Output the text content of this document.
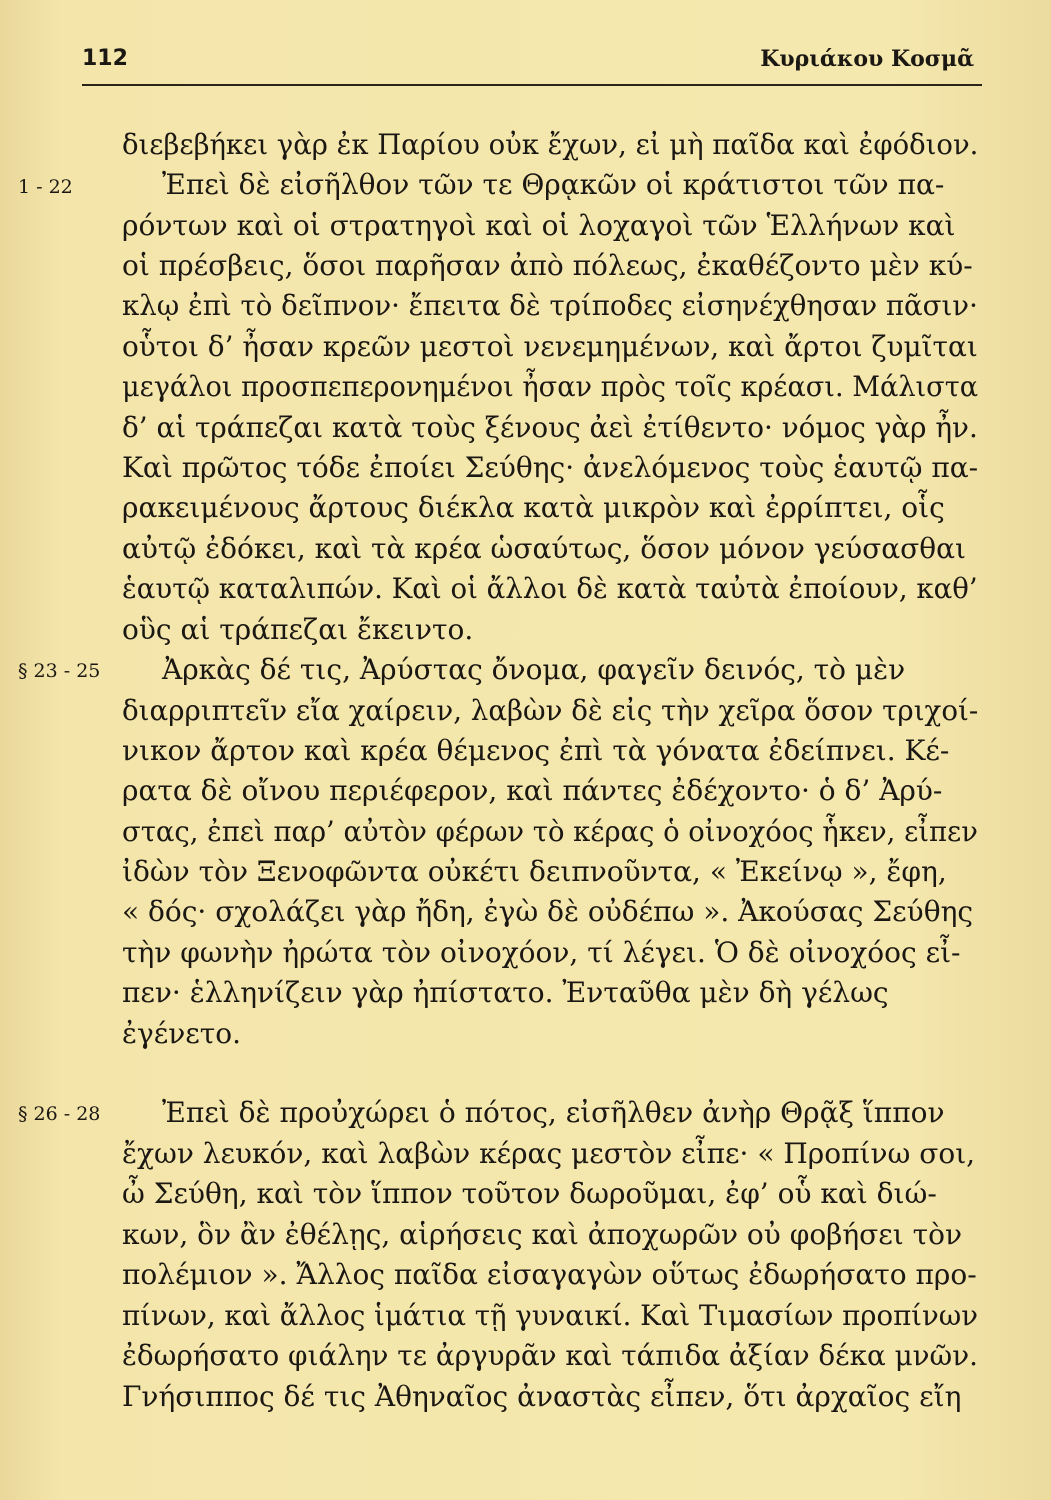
112	Κυριάκου Κοσμᾶ
1 - 22
§ 23 - 25
§ 26 - 28
διεβεβήκει γὰρ ἐκ Παρίου οὐκ ἔχων, εἰ μὴ παῖδα καὶ ἐφόδιον.
Ἐπεὶ δὲ εἰσῆλθον τῶν τε Θρᾳκῶν οἱ κράτιστοι τῶν πα-
ρόντων καὶ οἱ στρατηγοὶ καὶ οἱ λοχαγοὶ τῶν Ἑλλήνων καὶ
οἱ πρέσβεις, ὅσοι παρῆσαν ἀπὸ πόλεως, ἐκαθέζοντο μὲν κύ-
κλῳ ἐπὶ τὸ δεῖπνον· ἔπειτα δὲ τρίποδες εἰσηνέχθησαν πᾶσιν·
οὗτοι δ’ ἦσαν κρεῶν μεστοὶ νενεμημένων, καὶ ἄρτοι ζυμῖται
μεγάλοι προσπεπερονημένοι ἦσαν πρὸς τοῖς κρέασι. Μάλιστα
δ’ αἱ τράπεζαι κατὰ τοὺς ξένους ἀεὶ ἐτίθεντο· νόμος γὰρ ἦν.
Καὶ πρῶτος τόδε ἐποίει Σεύθης· ἀνελόμενος τοὺς ἑαυτῷ πα-
ρακειμένους ἄρτους διέκλα κατὰ μικρὸν καὶ ἐρρίπτει, οἷς
αὐτῷ ἐδόκει, καὶ τὰ κρέα ὡσαύτως, ὅσον μόνον γεύσασθαι
ἑαυτῷ καταλιπών. Καὶ οἱ ἄλλοι δὲ κατὰ ταὐτὰ ἐποίουν, καθ’
οὓς αἱ τράπεζαι ἔκειντο.
Ἀρκὰς δέ τις, Ἀρύστας ὄνομα, φαγεῖν δεινός, τὸ μὲν
διαρριπτεῖν εἴα χαίρειν, λαβὼν δὲ εἰς τὴν χεῖρα ὅσον τριχοί-
νικον ἄρτον καὶ κρέα θέμενος ἐπὶ τὰ γόνατα ἐδείπνει. Κέ-
ρατα δὲ οἴνου περιέφερον, καὶ πάντες ἐδέχοντο· ὁ δ’ Ἀρύ-
στας, ἐπεὶ παρ’ αὐτὸν φέρων τὸ κέρας ὁ οἰνοχόος ἧκεν, εἶπεν
ἰδὼν τὸν Ξενοφῶντα οὐκέτι δειπνοῦντα, « Ἐκείνῳ », ἔφη,
« δός· σχολάζει γὰρ ἤδη, ἐγὼ δὲ οὐδέπω ». Ἀκούσας Σεύθης
τὴν φωνὴν ἠρώτα τὸν οἰνοχόον, τί λέγει. Ὁ δὲ οἰνοχόος εἶ-
πεν· ἑλληνίζειν γὰρ ἠπίστατο. Ἐνταῦθα μὲν δὴ γέλως
ἐγένετο.
Ἐπεὶ δὲ προὐχώρει ὁ πότος, εἰσῆλθεν ἀνὴρ Θρᾷξ ἵππον
ἔχων λευκόν, καὶ λαβὼν κέρας μεστὸν εἶπε· « Προπίνω σοι,
ὦ Σεύθη, καὶ τὸν ἵππον τοῦτον δωροῦμαι, ἐφ’ οὗ καὶ διώ-
κων, ὃν ἂν ἐθέλῃς, αἱρήσεις καὶ ἀποχωρῶν οὐ φοβήσει τὸν
πολέμιον ». Ἄλλος παῖδα εἰσαγαγὼν οὕτως ἐδωρήσατο προ-
πίνων, καὶ ἄλλος ἱμάτια τῇ γυναικί. Καὶ Τιμασίων προπίνων
ἐδωρήσατο φιάλην τε ἀργυρᾶν καὶ τάπιδα ἀξίαν δέκα μνῶν.
Γνήσιππος δέ τις Ἀθηναῖος ἀναστὰς εἶπεν, ὅτι ἀρχαῖος εἴη
